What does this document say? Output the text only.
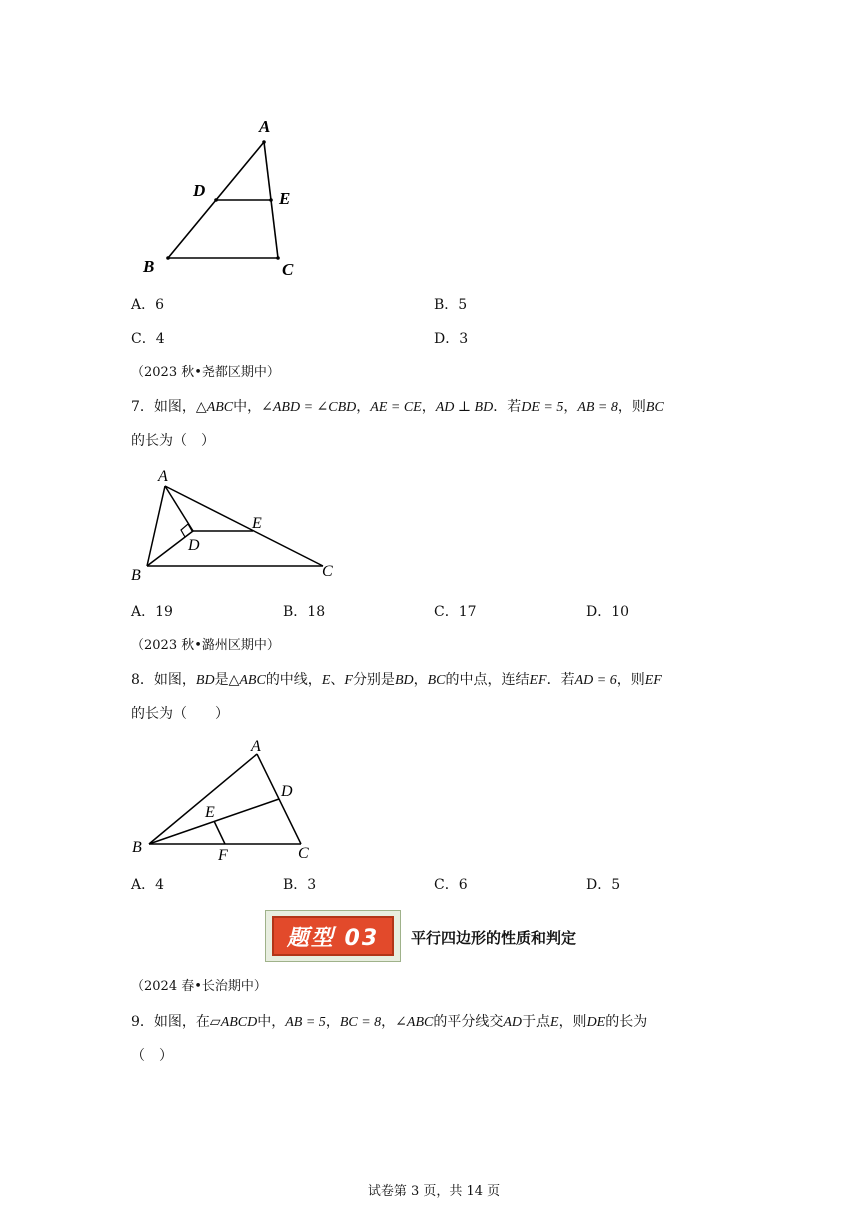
A
D	E
B	C
A．6	B．5
C．4	D．3
（2023 秋•尧都区期中）
7．如图，△ABC中，∠ABD = ∠CBD，AE = CE，AD ⊥ BD．若DE = 5，AB = 8，则BC
的长为（　）
A
B	C
D
E
A．19	B．18	C．17	D．10
（2023 秋•潞州区期中）
8．如图，BD是△ABC的中线，E、F分别是BD，BC的中点，连结EF．若AD = 6，则EF
的长为（　　）
A
D
E
B	F	C
A．4	B．3	C．6	D．5
题型 03 平行四边形的性质和判定
（2024 春•长治期中）
9．如图，在▱ABCD中，AB = 5，BC = 8，∠ABC的平分线交AD于点E，则DE的长为
（　）
试卷第 3 页，共 14 页
